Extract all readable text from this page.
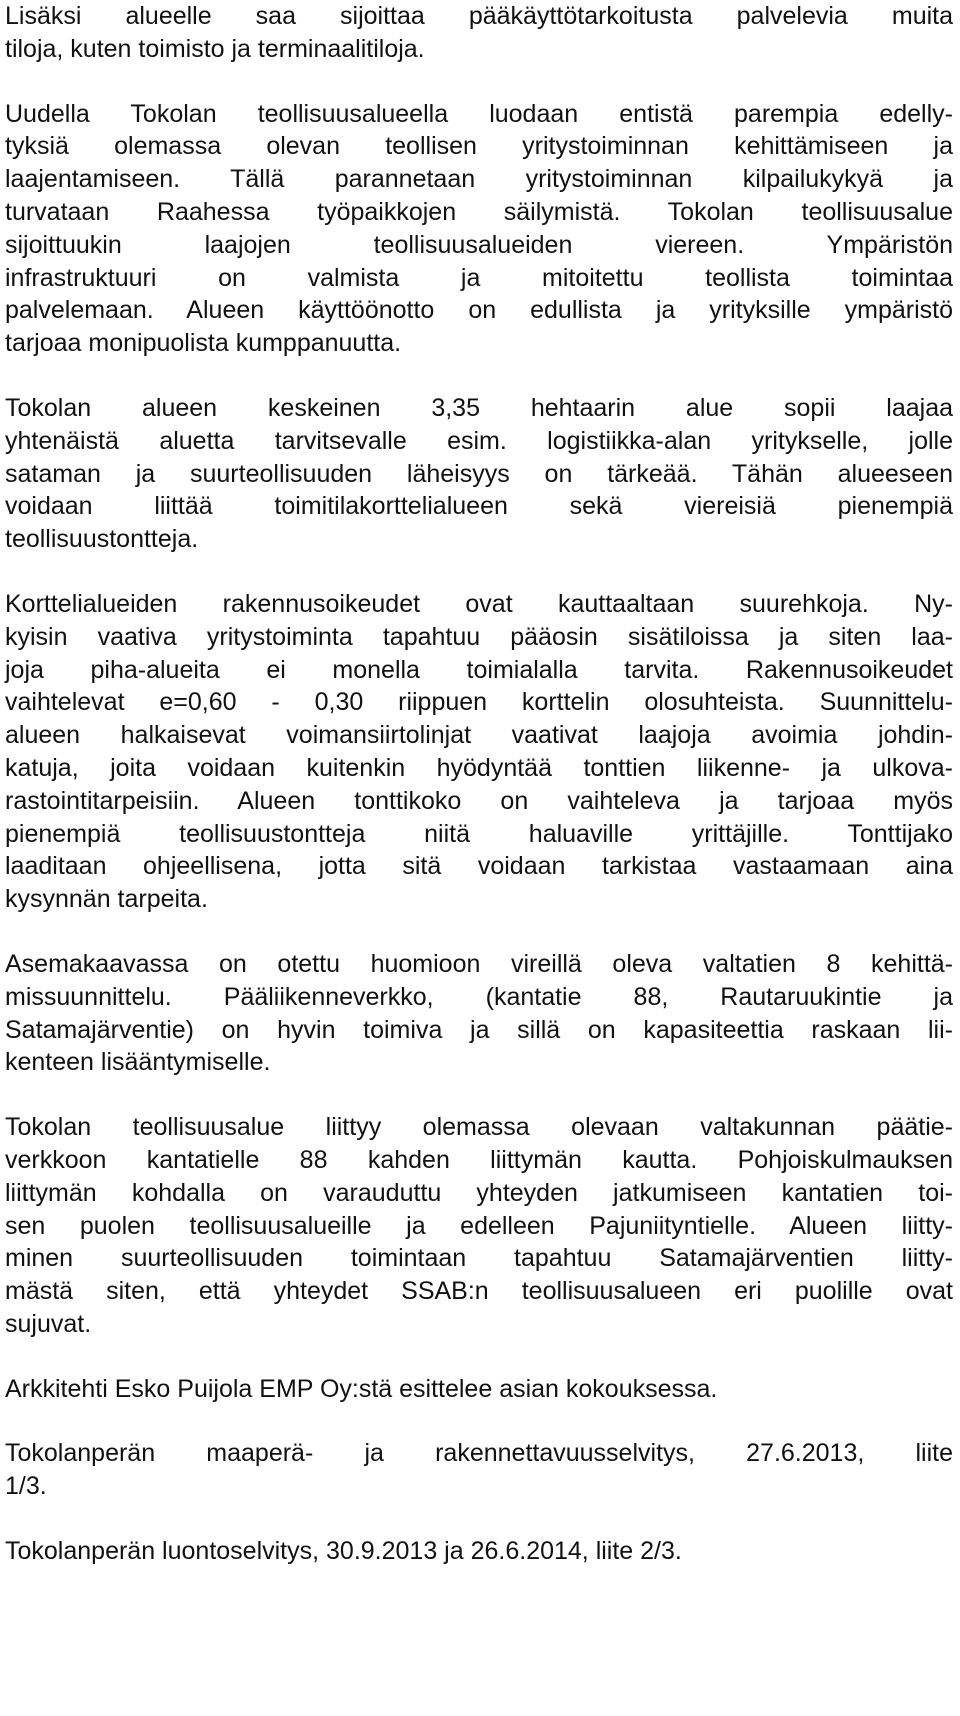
Lisäksi alueelle saa sijoittaa pääkäyttötarkoitusta palvelevia muita
tiloja, kuten toimisto ja terminaalitiloja.

Uudella Tokolan teollisuusalueella luodaan entistä parempia edelly-
tyksiä olemassa olevan teollisen yritystoiminnan kehittämiseen ja
laajentamiseen. Tällä parannetaan yritystoiminnan kilpailukykyä ja
turvataan Raahessa työpaikkojen säilymistä. Tokolan teollisuusalue
sijoittuukin laajojen teollisuusalueiden viereen. Ympäristön
infrastruktuuri on valmista ja mitoitettu teollista toimintaa
palvelemaan. Alueen käyttöönotto on edullista ja yrityksille ympäristö
tarjoaa monipuolista kumppanuutta.

Tokolan alueen keskeinen 3,35 hehtaarin alue sopii laajaa
yhtenäistä aluetta tarvitsevalle esim. logistiikka-alan yritykselle, jolle
sataman ja suurteollisuuden läheisyys on tärkeää. Tähän alueeseen
voidaan liittää toimitilakorttelialueen sekä viereisiä pienempiä
teollisuustontteja.

Korttelialueiden rakennusoikeudet ovat kauttaaltaan suurehkoja. Ny-
kyisin vaativa yritystoiminta tapahtuu pääosin sisätiloissa ja siten laa-
joja piha-alueita ei monella toimialalla tarvita. Rakennusoikeudet
vaihtelevat e=0,60 - 0,30 riippuen korttelin olosuhteista. Suunnittelu-
alueen halkaisevat voimansiirtolinjat vaativat laajoja avoimia johdin-
katuja, joita voidaan kuitenkin hyödyntää tonttien liikenne- ja ulkova-
rastointitarpeisiin. Alueen tonttikoko on vaihteleva ja tarjoaa myös
pienempiä teollisuustontteja niitä haluaville yrittäjille. Tonttijako
laaditaan ohjeellisena, jotta sitä voidaan tarkistaa vastaamaan aina
kysynnän tarpeita.

Asemakaavassa on otettu huomioon vireillä oleva valtatien 8 kehittä-
missuunnittelu. Pääliikenneverkko, (kantatie 88, Rautaruukintie ja
Satamajärventie) on hyvin toimiva ja sillä on kapasiteettia raskaan lii-
kenteen lisääntymiselle.

Tokolan teollisuusalue liittyy olemassa olevaan valtakunnan päätie-
verkkoon kantatielle 88 kahden liittymän kautta. Pohjoiskulmauksen
liittymän kohdalla on varauduttu yhteyden jatkumiseen kantatien toi-
sen puolen teollisuusalueille ja edelleen Pajuniityntielle. Alueen liitty-
minen suurteollisuuden toimintaan tapahtuu Satamajärventien liitty-
mästä siten, että yhteydet SSAB:n teollisuusalueen eri puolille ovat
sujuvat.

Arkkitehti Esko Puijola EMP Oy:stä esittelee asian kokouksessa.

Tokolanperän maaperä- ja rakennettavuusselvitys, 27.6.2013, liite
1/3.

Tokolanperän luontoselvitys, 30.9.2013 ja 26.6.2014, liite 2/3.
